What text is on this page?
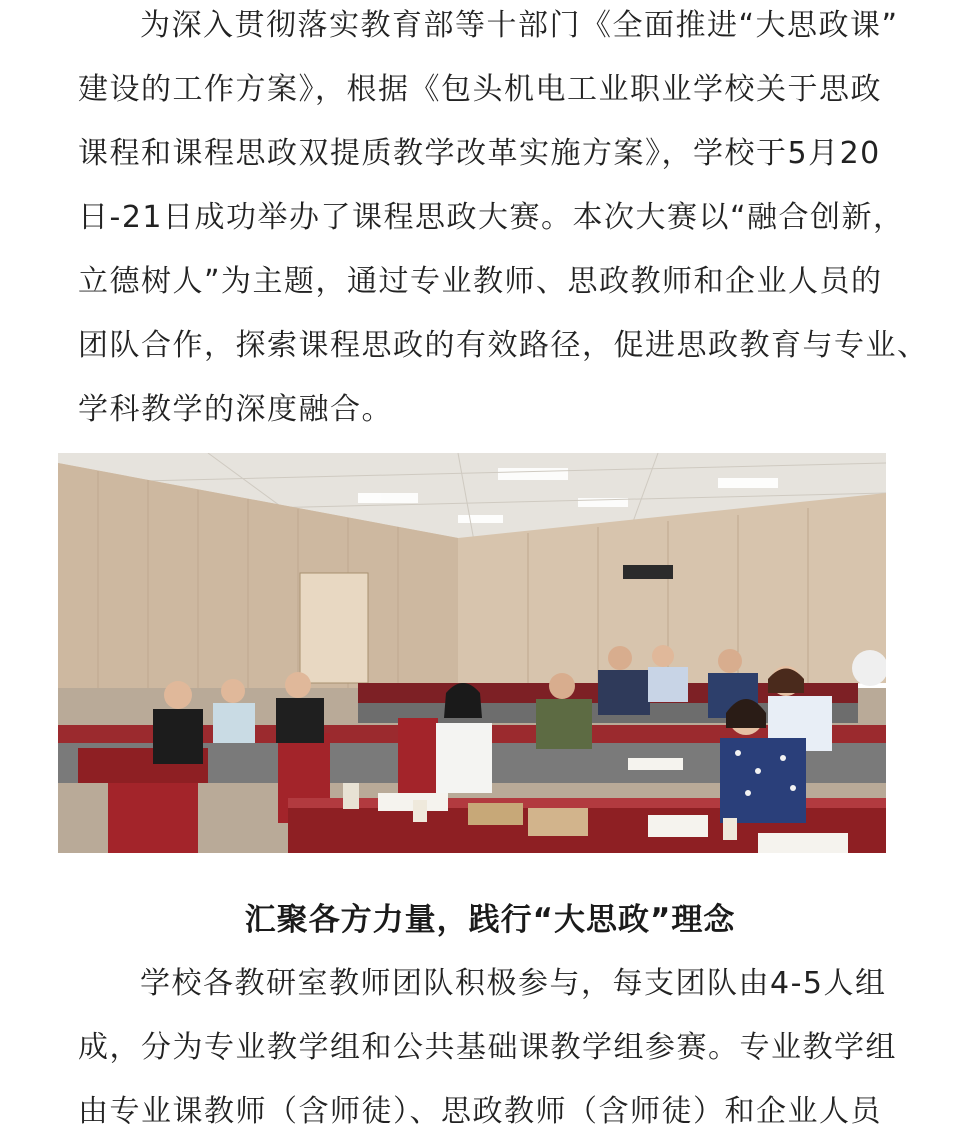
为深入贯彻落实教育部等十部门《全面推进“大思政课”
建设的工作方案》，根据《包头机电工业职业学校关于思政
课程和课程思政双提质教学改革实施方案》，学校于5月20
日-21日成功举办了课程思政大赛。本次大赛以“融合创新，
立德树人”为主题，通过专业教师、思政教师和企业人员的
团队合作，探索课程思政的有效路径，促进思政教育与专业、
学科教学的深度融合。
汇聚各方力量，践行“大思政”理念
学校各教研室教师团队积极参与，每支团队由4-5人组
成，分为专业教学组和公共基础课教学组参赛。专业教学组
由专业课教师（含师徒）、思政教师（含师徒）和企业人员
